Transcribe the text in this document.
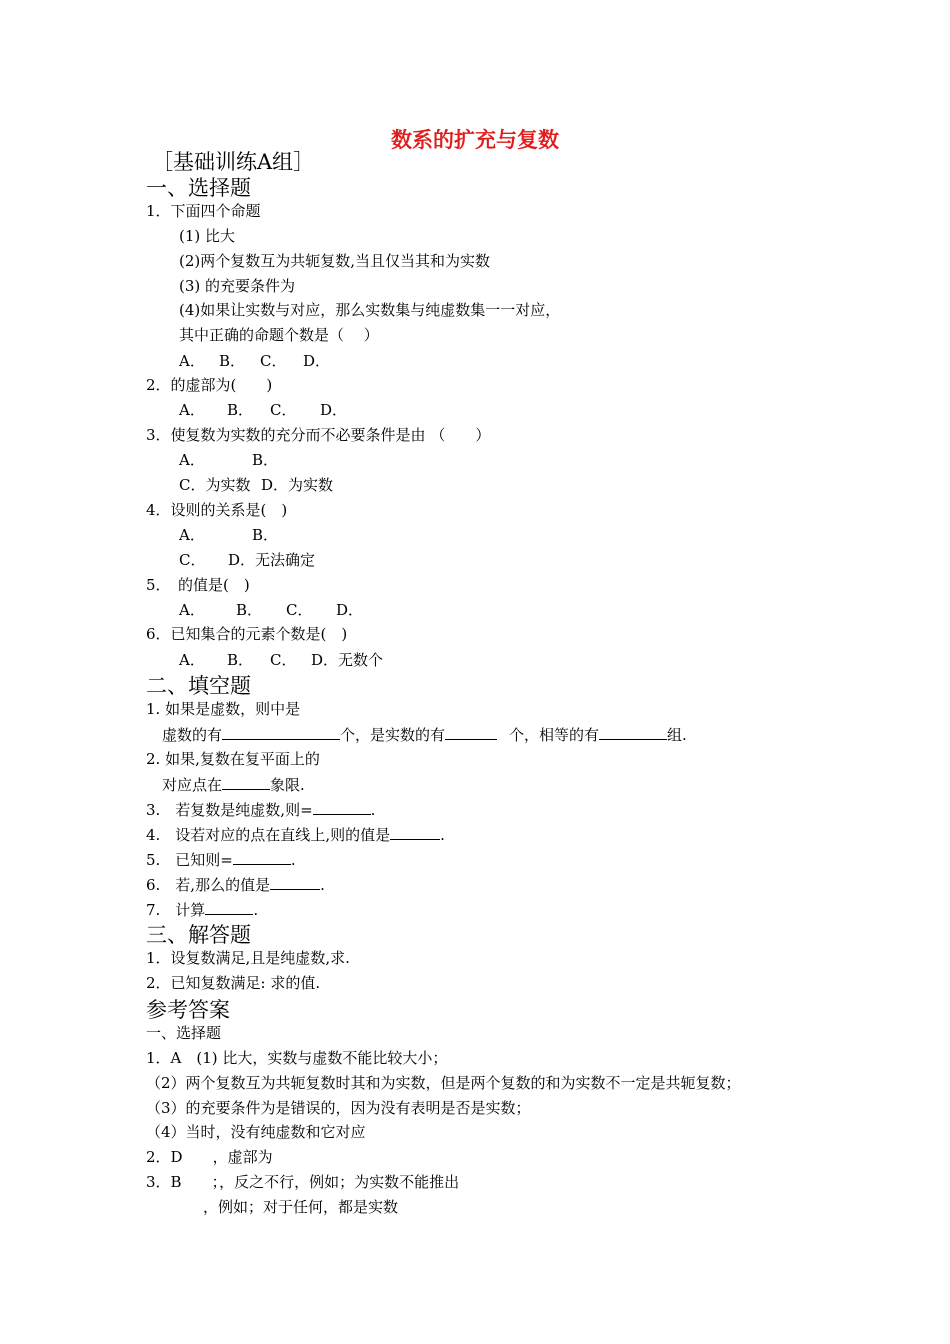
数系的扩充与复数
［基础训练A组］
一、选择题
1．下面四个命题
(1) 比大
(2)两个复数互为共轭复数,当且仅当其和为实数
(3) 的充要条件为
(4)如果让实数与对应，那么实数集与纯虚数集一一对应，
其中正确的命题个数是（　 ）
A． B． C． D．
2．的虚部为(　　)
A． B． C． D．
3．使复数为实数的充分而不必要条件是由 （　　）
A．	B．
C．为实数 D．为实数
4．设则的关系是(　)
A．	B．
C． D．无法确定
5．　的值是(　)
A． B． C． D．
6．已知集合的元素个数是(　)
A． B． C． D．无数个
二、填空题
1. 如果是虚数，则中是
虚数的有	个，是实数的有	个，相等的有	组.
2. 如果,复数在复平面上的
对应点在	象限.
3.　若复数是纯虚数,则=	.
4.　设若对应的点在直线上,则的值是	.
5.　已知则=	.
6.　若,那么的值是	.
7.　计算	.
三、解答题
1．设复数满足,且是纯虚数,求.
2．已知复数满足: 求的值.
参考答案
一、选择题
1．A　(1) 比大，实数与虚数不能比较大小；
（2）两个复数互为共轭复数时其和为实数，但是两个复数的和为实数不一定是共轭复数；
（3）的充要条件为是错误的，因为没有表明是否是实数；
（4）当时，没有纯虚数和它对应
2．D　　，虚部为
3．B　　；，反之不行，例如；为实数不能推出
，例如；对于任何，都是实数
